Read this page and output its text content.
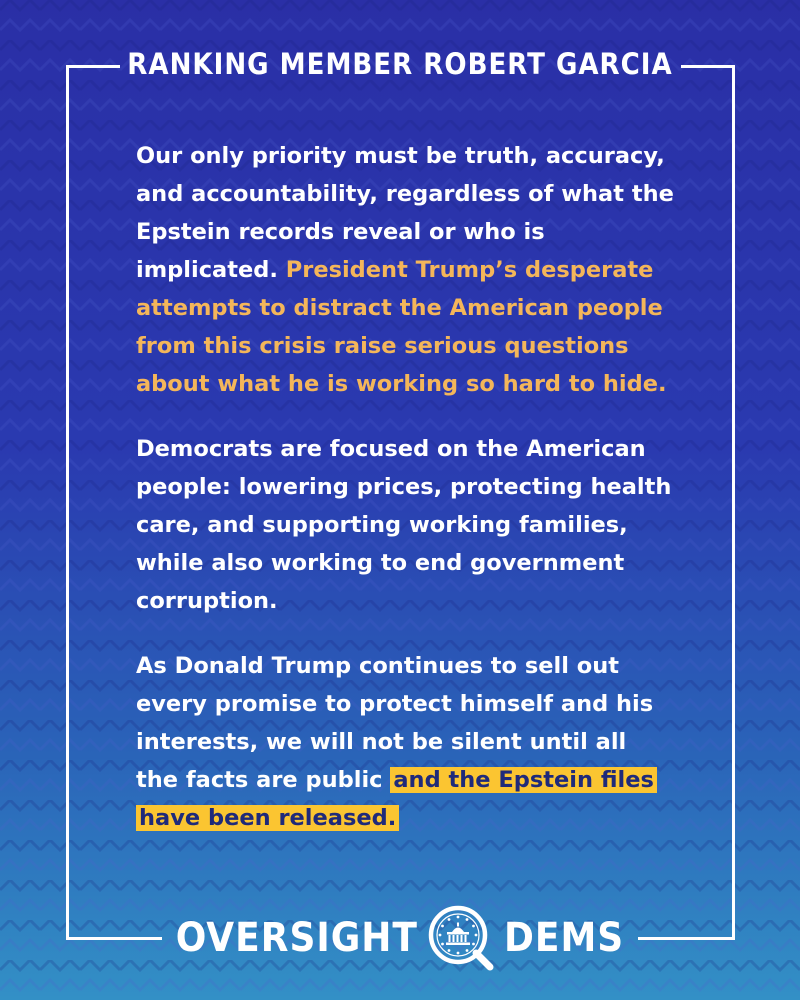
RANKING MEMBER ROBERT GARCIA

Our only priority must be truth, accuracy, and accountability, regardless of what the Epstein records reveal or who is implicated. President Trump’s desperate attempts to distract the American people from this crisis raise serious questions about what he is working so hard to hide.

Democrats are focused on the American people: lowering prices, protecting health care, and supporting working families, while also working to end government corruption.

As Donald Trump continues to sell out every promise to protect himself and his interests, we will not be silent until all the facts are public and the Epstein files have been released.

OVERSIGHT DEMS
